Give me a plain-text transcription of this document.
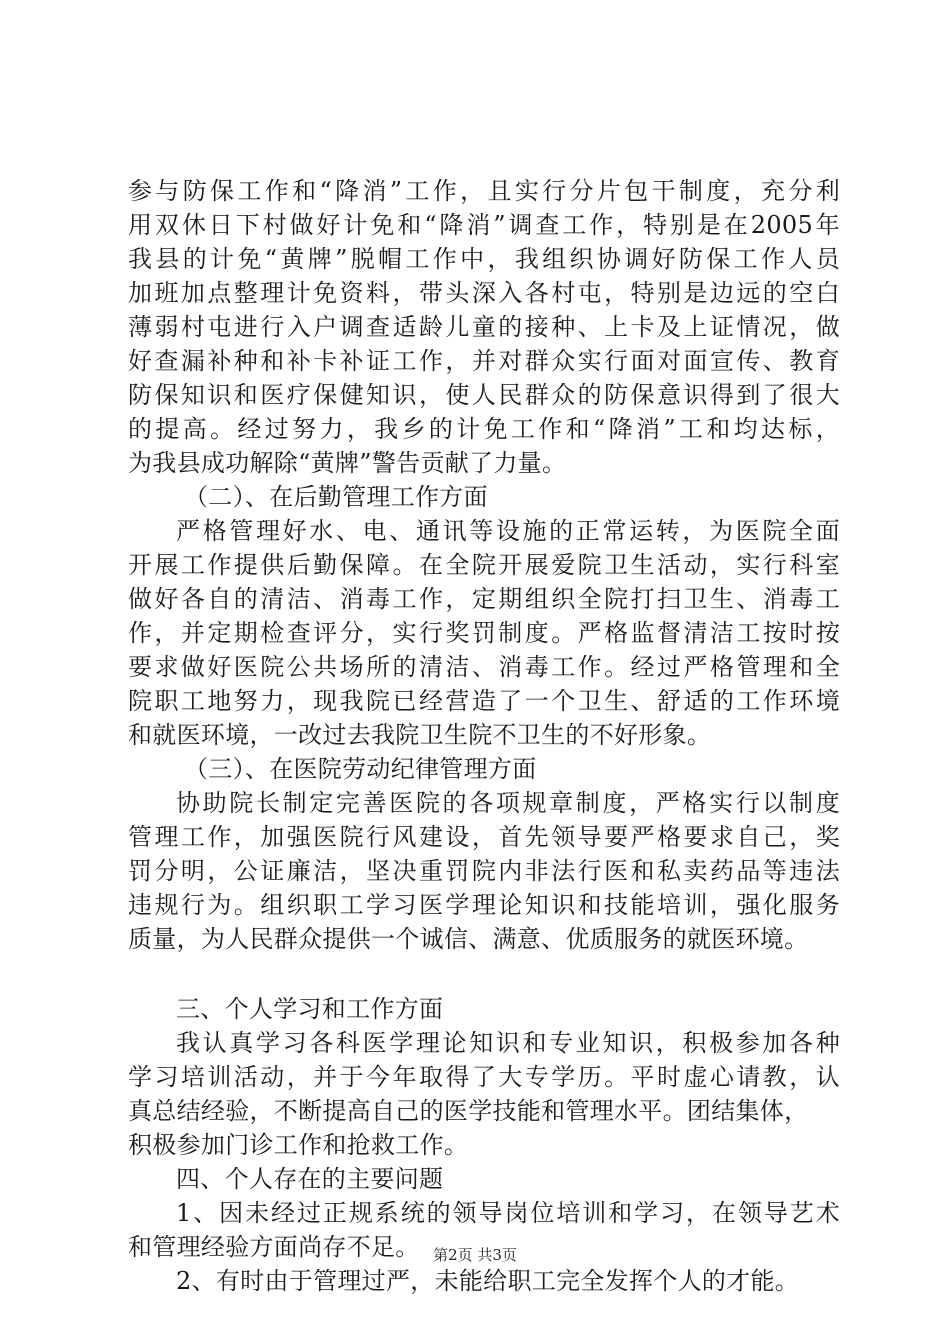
参与防保工作和“降消”工作，且实行分片包干制度，充分利
用双休日下村做好计免和“降消”调查工作，特别是在2005年
我县的计免“黄牌”脱帽工作中，我组织协调好防保工作人员
加班加点整理计免资料，带头深入各村屯，特别是边远的空白
薄弱村屯进行入户调查适龄儿童的接种、上卡及上证情况，做
好查漏补种和补卡补证工作，并对群众实行面对面宣传、教育
防保知识和医疗保健知识，使人民群众的防保意识得到了很大
的提高。经过努力，我乡的计免工作和“降消”工和均达标，
为我县成功解除“黄牌”警告贡献了力量。
（二）、在后勤管理工作方面
严格管理好水、电、通讯等设施的正常运转，为医院全面
开展工作提供后勤保障。在全院开展爱院卫生活动，实行科室
做好各自的清洁、消毒工作，定期组织全院打扫卫生、消毒工
作，并定期检查评分，实行奖罚制度。严格监督清洁工按时按
要求做好医院公共场所的清洁、消毒工作。经过严格管理和全
院职工地努力，现我院已经营造了一个卫生、舒适的工作环境
和就医环境，一改过去我院卫生院不卫生的不好形象。
（三）、在医院劳动纪律管理方面
协助院长制定完善医院的各项规章制度，严格实行以制度
管理工作，加强医院行风建设，首先领导要严格要求自己，奖
罚分明，公证廉洁，坚决重罚院内非法行医和私卖药品等违法
违规行为。组织职工学习医学理论知识和技能培训，强化服务
质量，为人民群众提供一个诚信、满意、优质服务的就医环境。
三、个人学习和工作方面
我认真学习各科医学理论知识和专业知识，积极参加各种
学习培训活动，并于今年取得了大专学历。平时虚心请教，认
真总结经验，不断提高自己的医学技能和管理水平。团结集体，
积极参加门诊工作和抢救工作。
四、个人存在的主要问题
1、因未经过正规系统的领导岗位培训和学习，在领导艺术
和管理经验方面尚存不足。
2、有时由于管理过严，未能给职工完全发挥个人的才能。
第2页 共3页
